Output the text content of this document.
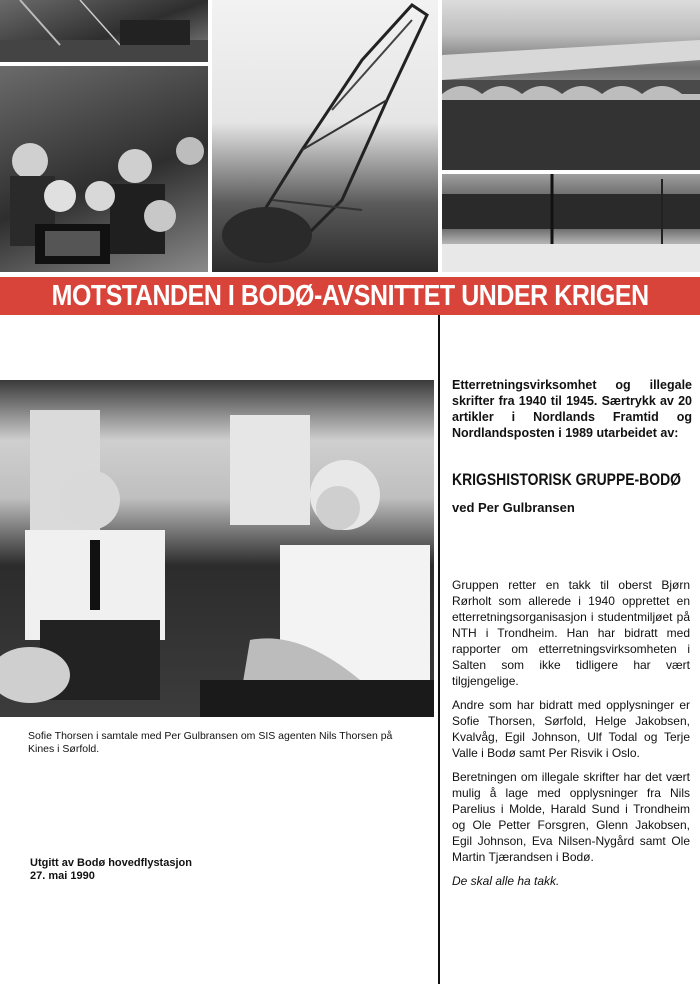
MOTSTANDEN I BODØ-AVSNITTET UNDER KRIGEN
Sofie Thorsen i samtale med Per Gulbransen om SIS agenten Nils Thorsen på Kines i Sørfold.
Utgitt av Bodø hovedflystasjon
27. mai 1990
Etterretningsvirksomhet og illegale skrifter fra 1940 til 1945. Særtrykk av 20 artikler i Nordlands Framtid og Nordlandsposten i 1989 utarbeidet av:
KRIGSHISTORISK GRUPPE-BODØ
ved Per Gulbransen

Gruppen retter en takk til oberst Bjørn Rørholt som allerede i 1940 opprettet en etterretningsorganisasjon i studentmiljøet på NTH i Trondheim. Han har bidratt med rapporter om etterretningsvirksomheten i Salten som ikke tidligere har vært tilgjengelige.

Andre som har bidratt med opplysninger er Sofie Thorsen, Sørfold, Helge Jakobsen, Kvalvåg, Egil Johnson, Ulf Todal og Terje Valle i Bodø samt Per Risvik i Oslo.

Beretningen om illegale skrifter har det vært mulig å lage med opplysninger fra Nils Parelius i Molde, Harald Sund i Trondheim og Ole Petter Forsgren, Glenn Jakobsen, Egil Johnson, Eva Nilsen-Nygård samt Ole Martin Tjærandsen i Bodø.

De skal alle ha takk.
